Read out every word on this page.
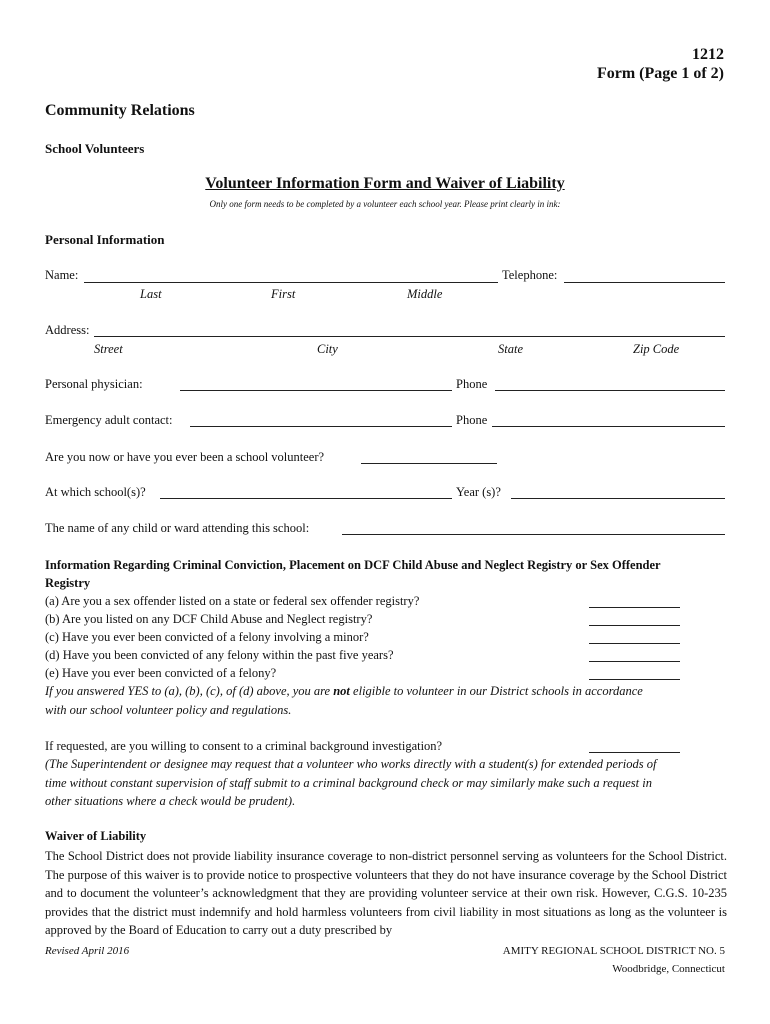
1212
Form (Page 1 of 2)
Community Relations
School Volunteers
Volunteer Information Form and Waiver of Liability
Only one form needs to be completed by a volunteer each school year. Please print clearly in ink:
Personal Information
Name:	Telephone:
Last	First	Middle
Address:
Street	City	State	Zip Code
Personal physician:	Phone
Emergency adult contact:	Phone
Are you now or have you ever been a school volunteer?
At which school(s)?	Year (s)?
The name of any child or ward attending this school:
Information Regarding Criminal Conviction, Placement on DCF Child Abuse and Neglect Registry or Sex Offender
Registry
(a) Are you a sex offender listed on a state or federal sex offender registry?
(b) Are you listed on any DCF Child Abuse and Neglect registry?
(c) Have you ever been convicted of a felony involving a minor?
(d) Have you been convicted of any felony within the past five years?
(e) Have you ever been convicted of a felony?
If you answered YES to (a), (b), (c), of (d) above, you are not eligible to volunteer in our District schools in accordance
with our school volunteer policy and regulations.
If requested, are you willing to consent to a criminal background investigation?
(The Superintendent or designee may request that a volunteer who works directly with a student(s) for extended periods of
time without constant supervision of staff submit to a criminal background check or may similarly make such a request in
other situations where a check would be prudent).
Waiver of Liability
The School District does not provide liability insurance coverage to non-district personnel serving as volunteers for the School District. The purpose of this waiver is to provide notice to prospective volunteers that they do not have insurance coverage by the School District and to document the volunteer’s acknowledgment that they are providing volunteer service at their own risk. However, C.G.S. 10-235 provides that the district must indemnify and hold harmless volunteers from civil liability in most situations as long as the volunteer is approved by the Board of Education to carry out a duty prescribed by
Revised April 2016	AMITY REGIONAL SCHOOL DISTRICT NO. 5
Woodbridge, Connecticut
